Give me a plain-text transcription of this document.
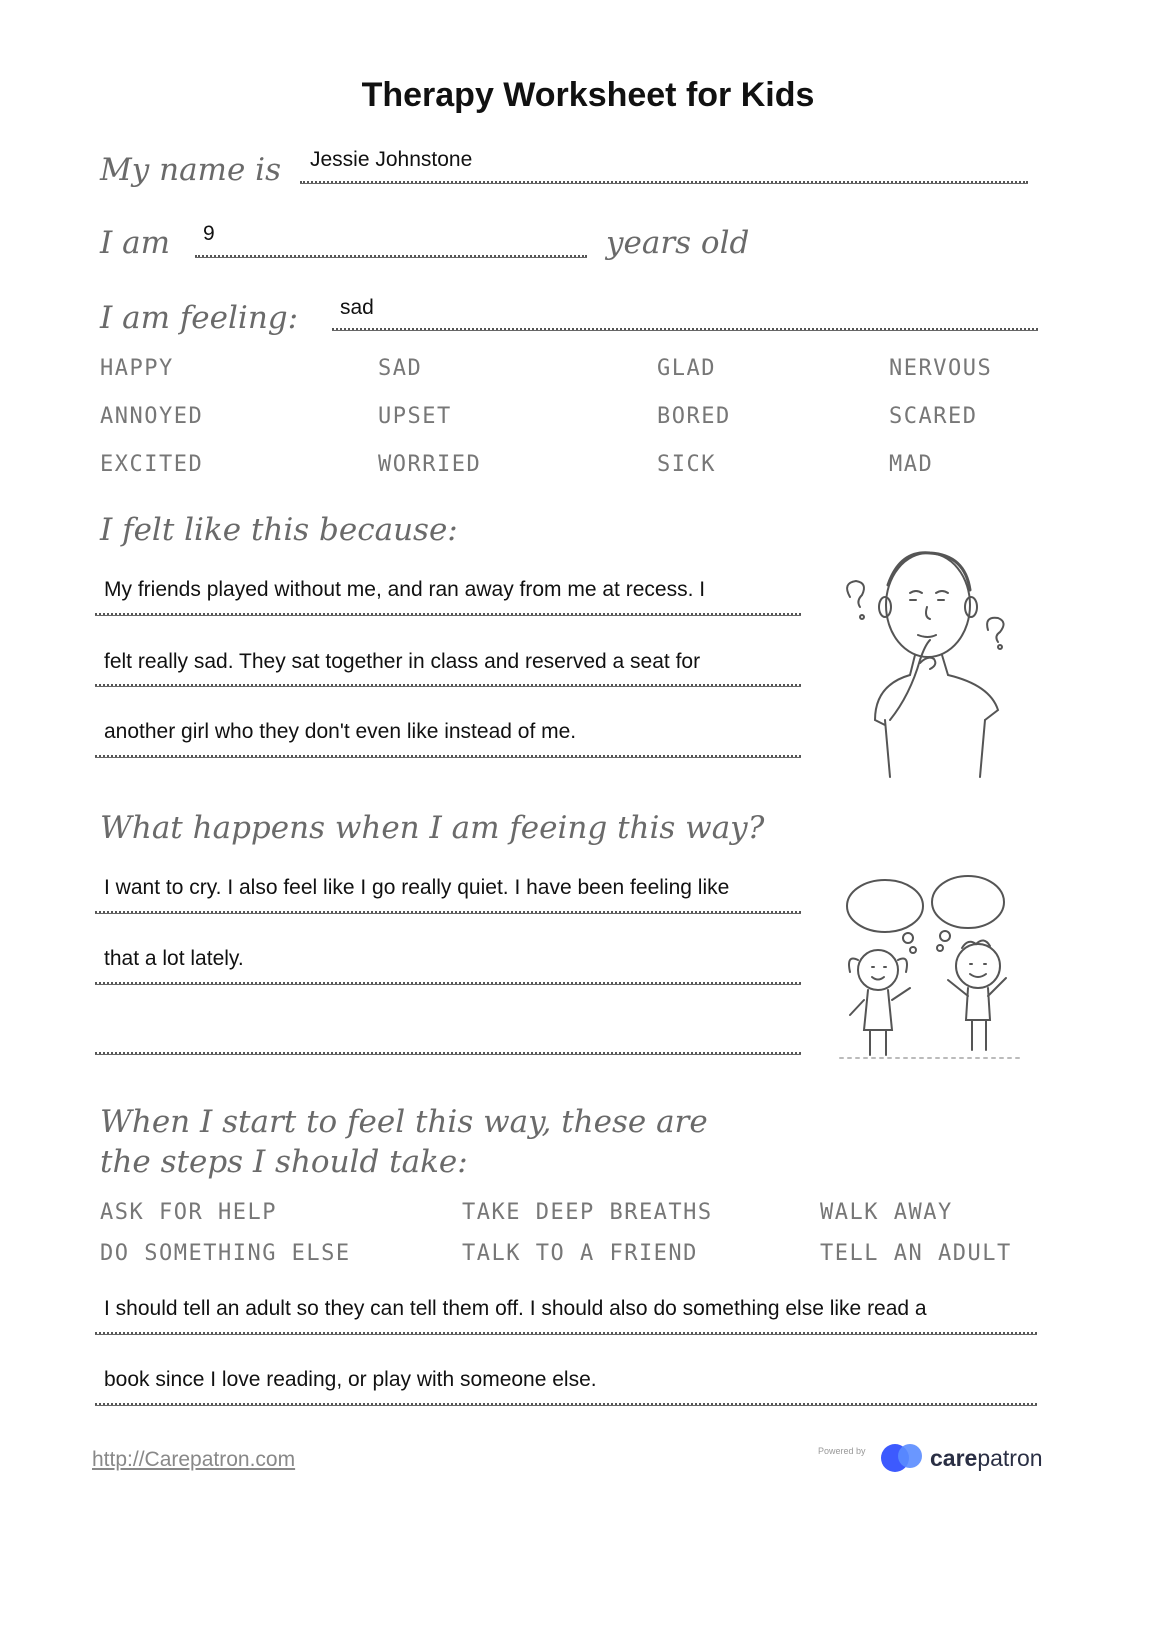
Therapy Worksheet for Kids
My name is Jessie Johnstone
I am 9	years old
I am feeling: sad
HAPPY	SAD	GLAD	NERVOUS
ANNOYED	UPSET	BORED	SCARED
EXCITED	WORRIED	SICK	MAD
I felt like this because:
My friends played without me, and ran away from me at recess. I
felt really sad. They sat together in class and reserved a seat for
another girl who they don't even like instead of me.
What happens when I am feeing this way?
I want to cry. I also feel like I go really quiet. I have been feeling like
that a lot lately.
When I start to feel this way, these are
the steps I should take:
ASK FOR HELP	TAKE DEEP BREATHS	WALK AWAY
DO SOMETHING ELSE	TALK TO A FRIEND	TELL AN ADULT
I should tell an adult so they can tell them off. I should also do something else like read a
book since I love reading, or play with someone else.
http://Carepatron.com	Powered by	carepatron
